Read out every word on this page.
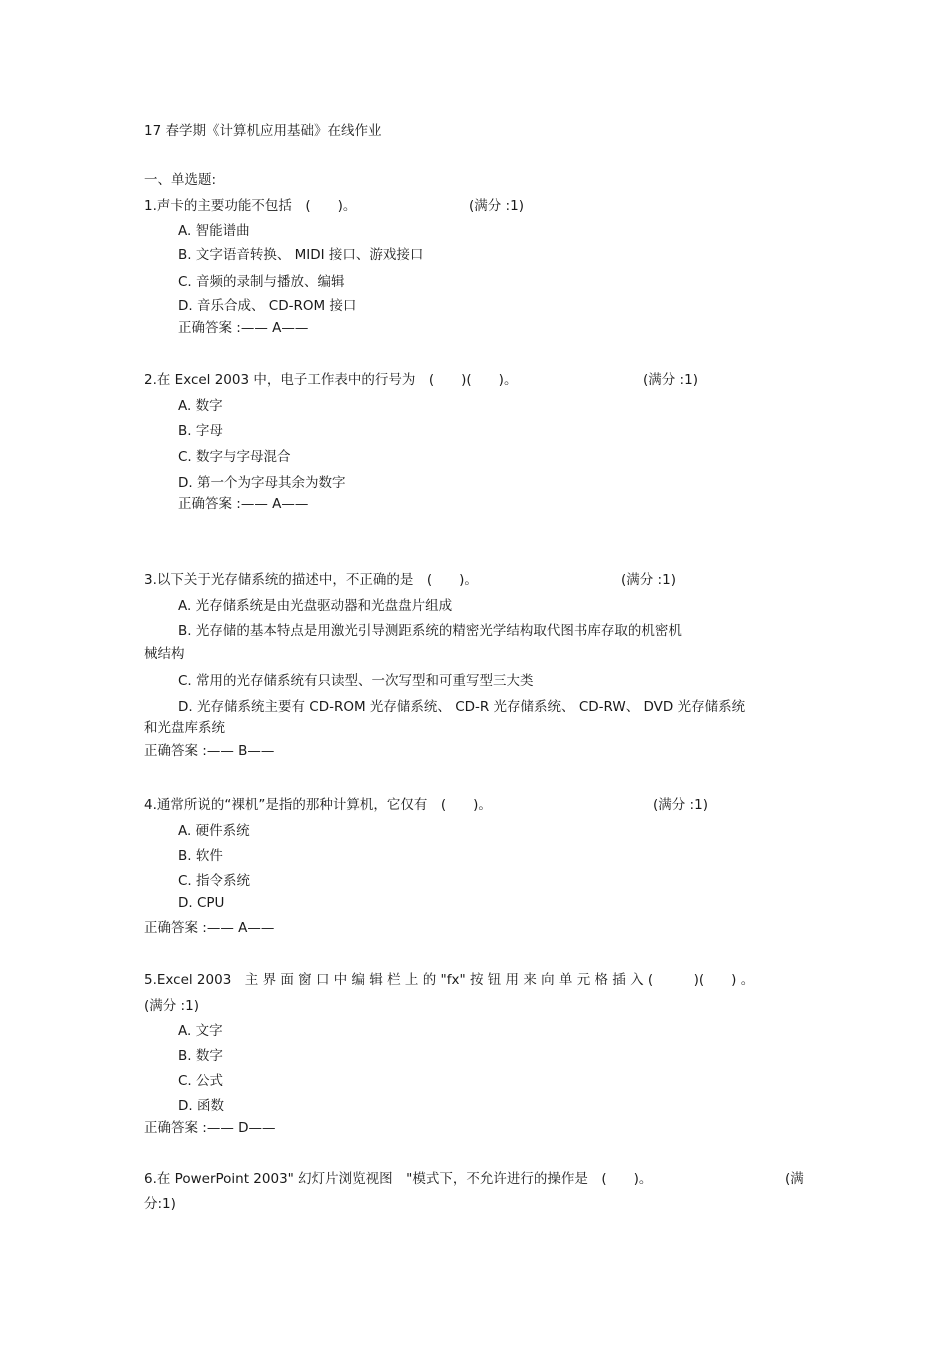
17 春学期《计算机应用基础》在线作业
一、单选题:
1.声卡的主要功能不包括　(　　)。	(满分 :1)
A. 智能谱曲
B. 文字语音转换、 MIDI 接口、游戏接口
C. 音频的录制与播放、编辑
D. 音乐合成、 CD-ROM 接口
正确答案 :—— A——
2.在 Excel 2003 中，电子工作表中的行号为　(　　)(　　)。	(满分 :1)
A. 数字
B. 字母
C. 数字与字母混合
D. 第一个为字母其余为数字
正确答案 :—— A——
3.以下关于光存储系统的描述中，不正确的是　(　　)。	(满分 :1)
A. 光存储系统是由光盘驱动器和光盘盘片组成
B. 光存储的基本特点是用激光引导测距系统的精密光学结构取代图书库存取的机密机
械结构
C. 常用的光存储系统有只读型、一次写型和可重写型三大类
D. 光存储系统主要有 CD-ROM 光存储系统、 CD-R 光存储系统、 CD-RW、 DVD 光存储系统
和光盘库系统
正确答案 :—— B——
4.通常所说的“裸机”是指的那种计算机，它仅有　(　　)。	(满分 :1)
A. 硬件系统
B. 软件
C. 指令系统
D. CPU
正确答案 :—— A——
5.Excel 2003　主 界 面 窗 口 中 编 辑 栏 上 的 "fx" 按 钮 用 来 向 单 元 格 插 入 (　　　)(　　) 。
(满分 :1)
A. 文字
B. 数字
C. 公式
D. 函数
正确答案 :—— D——
6.在 PowerPoint 2003" 幻灯片浏览视图　"模式下，不允许进行的操作是　(　　)。	(满
分:1)
